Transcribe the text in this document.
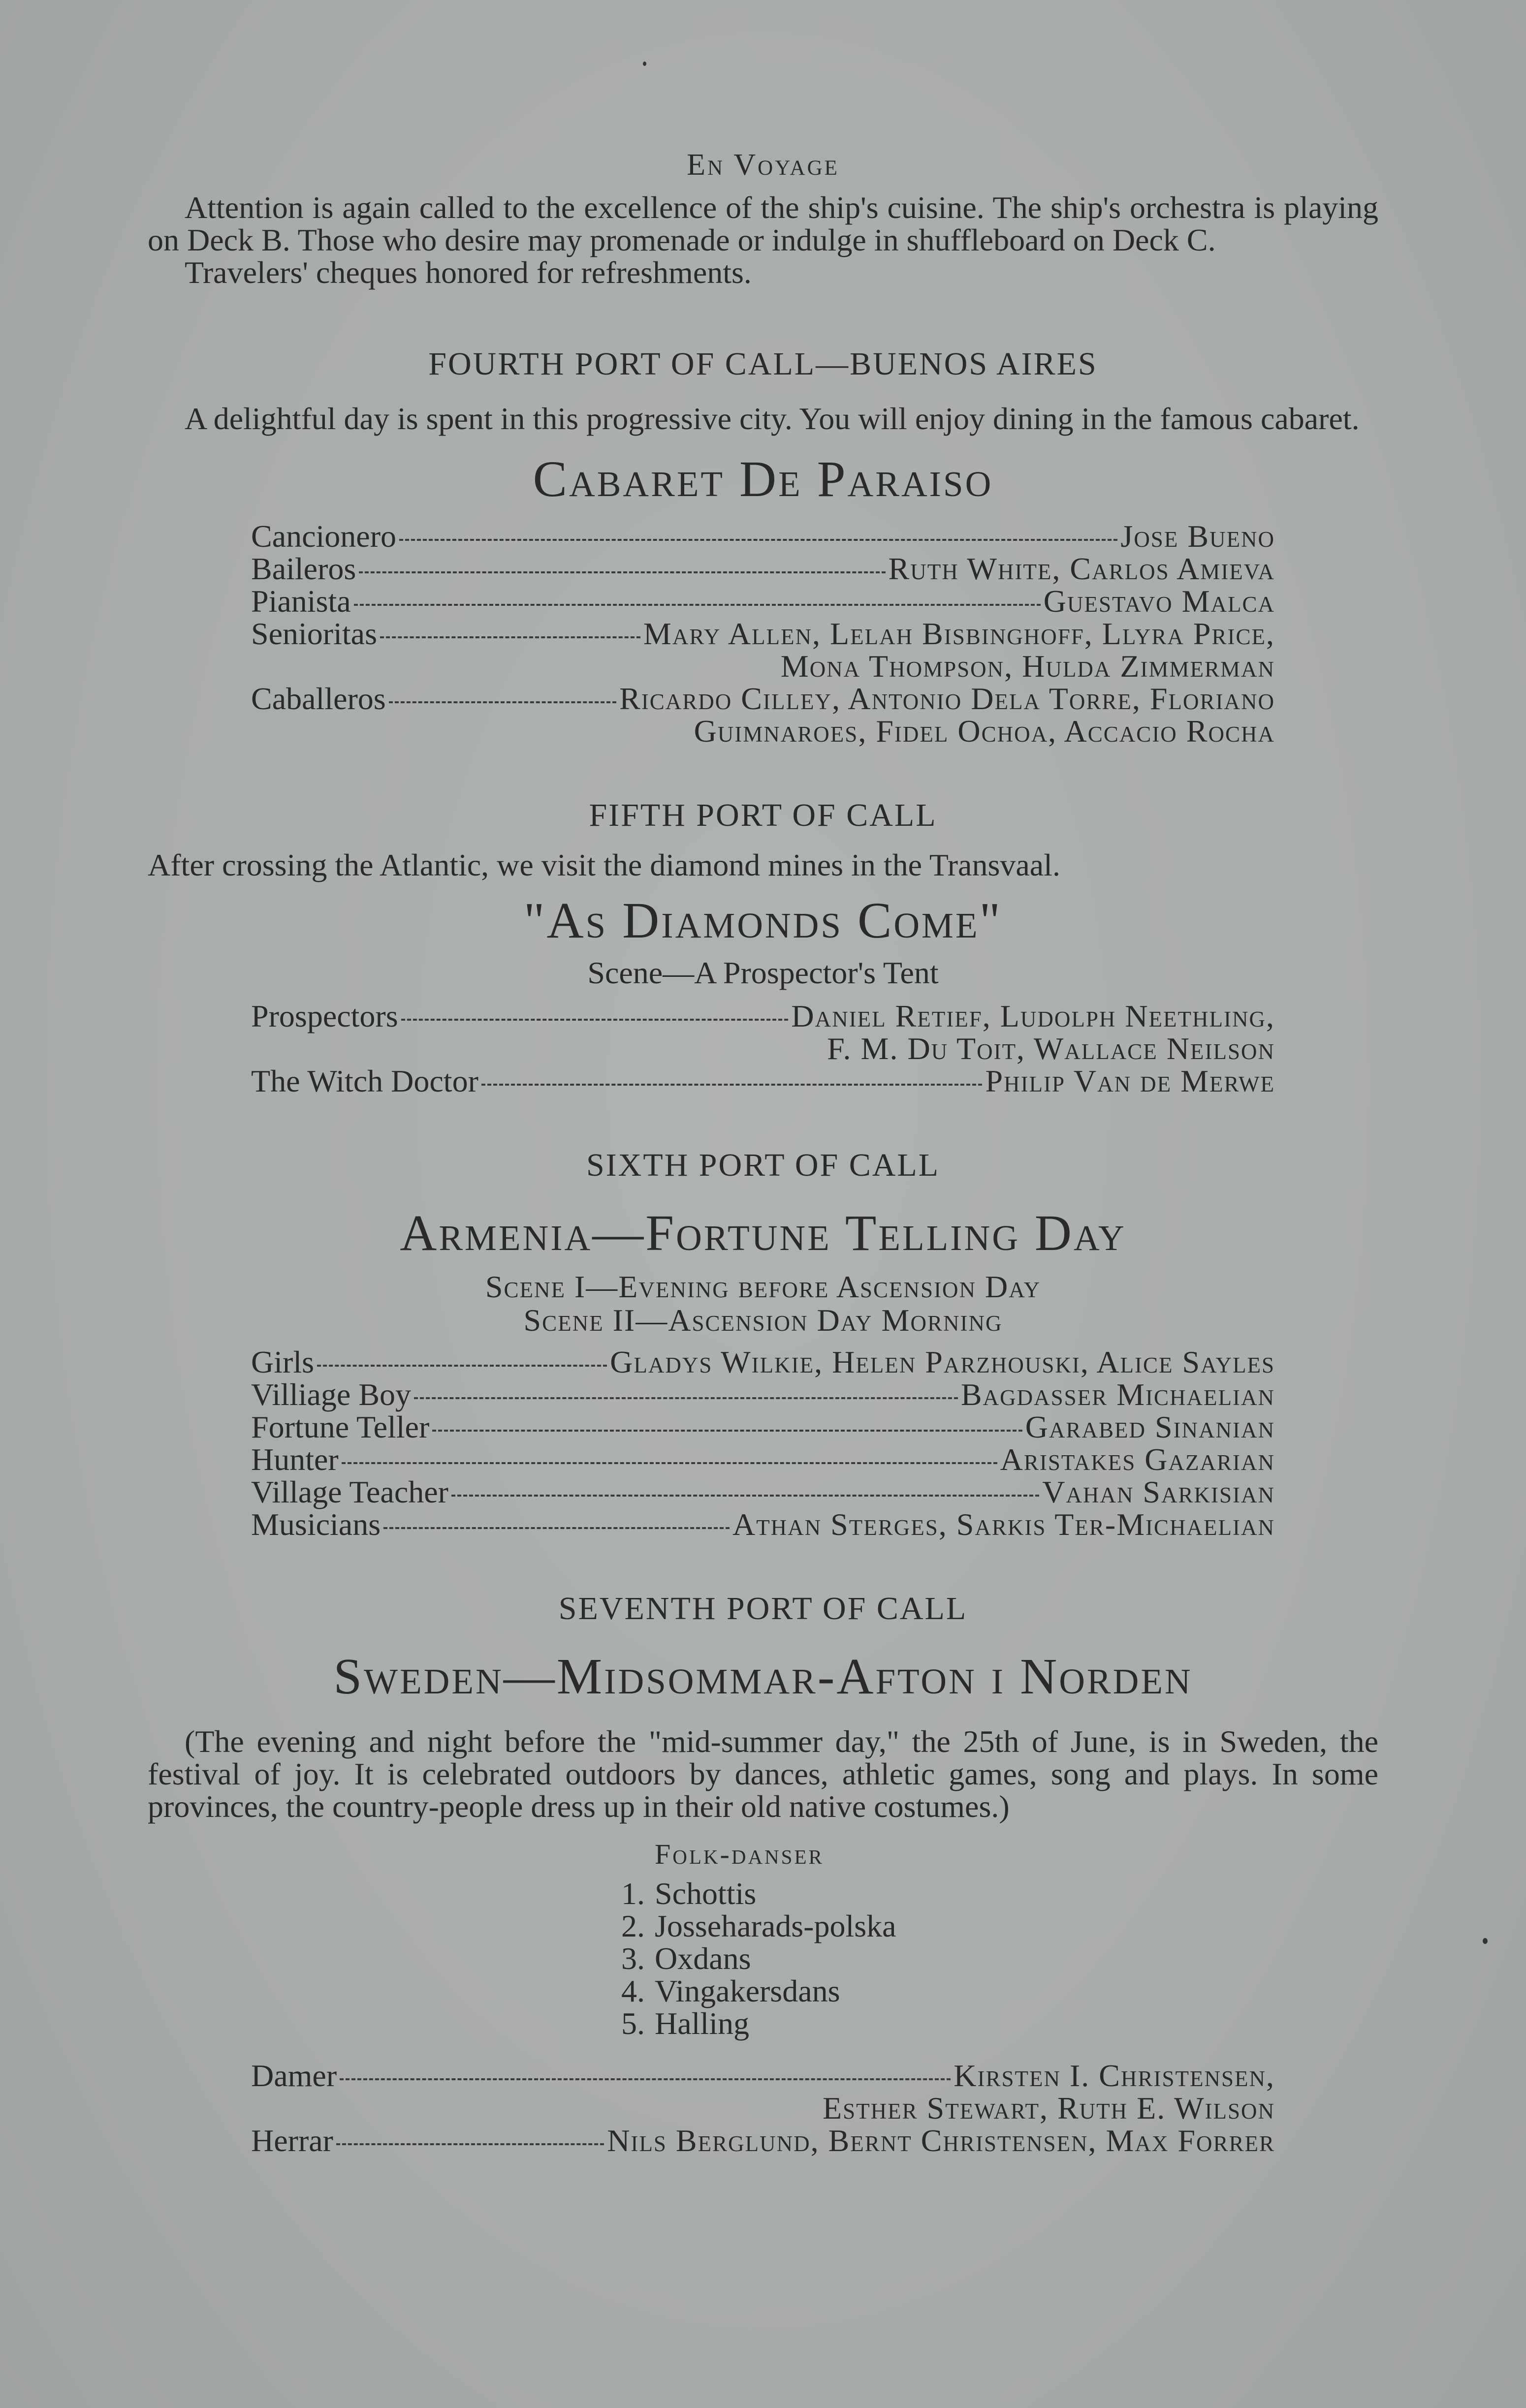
En Voyage

Attention is again called to the excellence of the ship's cuisine. The ship's orchestra is playing on Deck B. Those who desire may promenade or indulge in shuffleboard on Deck C.

Travelers' cheques honored for refreshments.

FOURTH PORT OF CALL—BUENOS AIRES

A delightful day is spent in this progressive city. You will enjoy dining in the famous cabaret.

Cabaret De Paraiso
Cancionero	Jose Bueno
Baileros	Ruth White, Carlos Amieva
Pianista	Guestavo Malca
Senioritas	Mary Allen, Lelah Bisbinghoff, Llyra Price,
Mona Thompson, Hulda Zimmerman
Caballeros	Ricardo Cilley, Antonio Dela Torre, Floriano
Guimnaroes, Fidel Ochoa, Accacio Rocha
FIFTH PORT OF CALL

After crossing the Atlantic, we visit the diamond mines in the Transvaal.

"As Diamonds Come"
Scene—A Prospector's Tent
Prospectors	Daniel Retief, Ludolph Neethling,
F. M. Du Toit, Wallace Neilson
The Witch Doctor	Philip Van de Merwe
SIXTH PORT OF CALL
Armenia—Fortune Telling Day
Scene I—Evening before Ascension Day
Scene II—Ascension Day Morning
Girls	Gladys Wilkie, Helen Parzhouski, Alice Sayles
Villiage Boy	Bagdasser Michaelian
Fortune Teller	Garabed Sinanian
Hunter	Aristakes Gazarian
Village Teacher	Vahan Sarkisian
Musicians	Athan Sterges, Sarkis Ter-Michaelian
SEVENTH PORT OF CALL
Sweden—Midsommar-Afton i Norden

(The evening and night before the "mid-summer day," the 25th of June, is in Sweden, the festival of joy. It is celebrated outdoors by dances, athletic games, song and plays. In some provinces, the country-people dress up in their old native costumes.)

Folk-danser
1. Schottis
2. Josseharads-polska
3. Oxdans
4. Vingakersdans
5. Halling
Damer	Kirsten I. Christensen,
Esther Stewart, Ruth E. Wilson
Herrar	Nils Berglund, Bernt Christensen, Max Forrer
